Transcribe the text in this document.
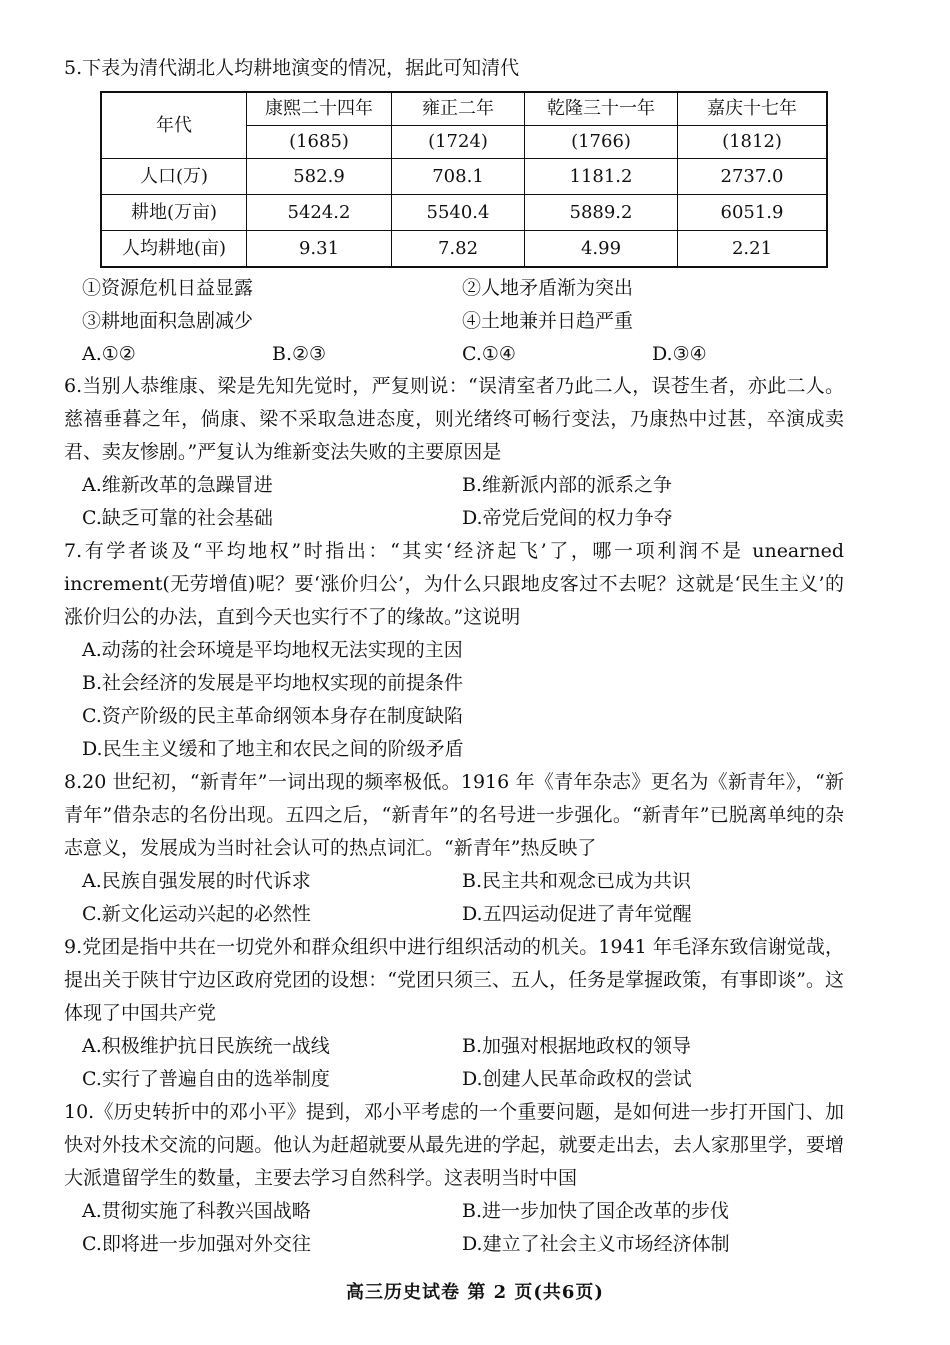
5.下表为清代湖北人均耕地演变的情况，据此可知清代

年代	康熙二十四年	雍正二年	乾隆三十一年	嘉庆十七年
	(1685)	(1724)	(1766)	(1812)
人口(万)	582.9	708.1	1181.2	2737.0
耕地(万亩)	5424.2	5540.4	5889.2	6051.9
人均耕地(亩)	9.31	7.82	4.99	2.21
①资源危机日益显露	②人地矛盾渐为突出
③耕地面积急剧减少	④土地兼并日趋严重
A.①②	B.②③	C.①④	D.③④

6.当别人恭维康、梁是先知先觉时，严复则说：“误清室者乃此二人，误苍生者，亦此二人。慈禧垂暮之年，倘康、梁不采取急进态度，则光绪终可畅行变法，乃康热中过甚，卒演成卖君、卖友惨剧。”严复认为维新变法失败的主要原因是

A.维新改革的急躁冒进	B.维新派内部的派系之争
C.缺乏可靠的社会基础	D.帝党后党间的权力争夺

7.有学者谈及“平均地权”时指出：“其实‘经济起飞’了，哪一项利润不是 unearned increment(无劳增值)呢？要‘涨价归公’，为什么只跟地皮客过不去呢？这就是‘民生主义’的涨价归公的办法，直到今天也实行不了的缘故。”这说明

A.动荡的社会环境是平均地权无法实现的主因
B.社会经济的发展是平均地权实现的前提条件
C.资产阶级的民主革命纲领本身存在制度缺陷
D.民生主义缓和了地主和农民之间的阶级矛盾

8.20 世纪初，“新青年”一词出现的频率极低。1916 年《青年杂志》更名为《新青年》，“新青年”借杂志的名份出现。五四之后，“新青年”的名号进一步强化。“新青年”已脱离单纯的杂志意义，发展成为当时社会认可的热点词汇。“新青年”热反映了

A.民族自强发展的时代诉求	B.民主共和观念已成为共识
C.新文化运动兴起的必然性	D.五四运动促进了青年觉醒

9.党团是指中共在一切党外和群众组织中进行组织活动的机关。1941 年毛泽东致信谢觉哉，提出关于陕甘宁边区政府党团的设想：“党团只须三、五人，任务是掌握政策，有事即谈”。这体现了中国共产党

A.积极维护抗日民族统一战线	B.加强对根据地政权的领导
C.实行了普遍自由的选举制度	D.创建人民革命政权的尝试

10.《历史转折中的邓小平》提到，邓小平考虑的一个重要问题，是如何进一步打开国门、加快对外技术交流的问题。他认为赶超就要从最先进的学起，就要走出去，去人家那里学，要增大派遣留学生的数量，主要去学习自然科学。这表明当时中国

A.贯彻实施了科教兴国战略	B.进一步加快了国企改革的步伐
C.即将进一步加强对外交往	D.建立了社会主义市场经济体制
高三历史试卷 第 2 页(共6页)
